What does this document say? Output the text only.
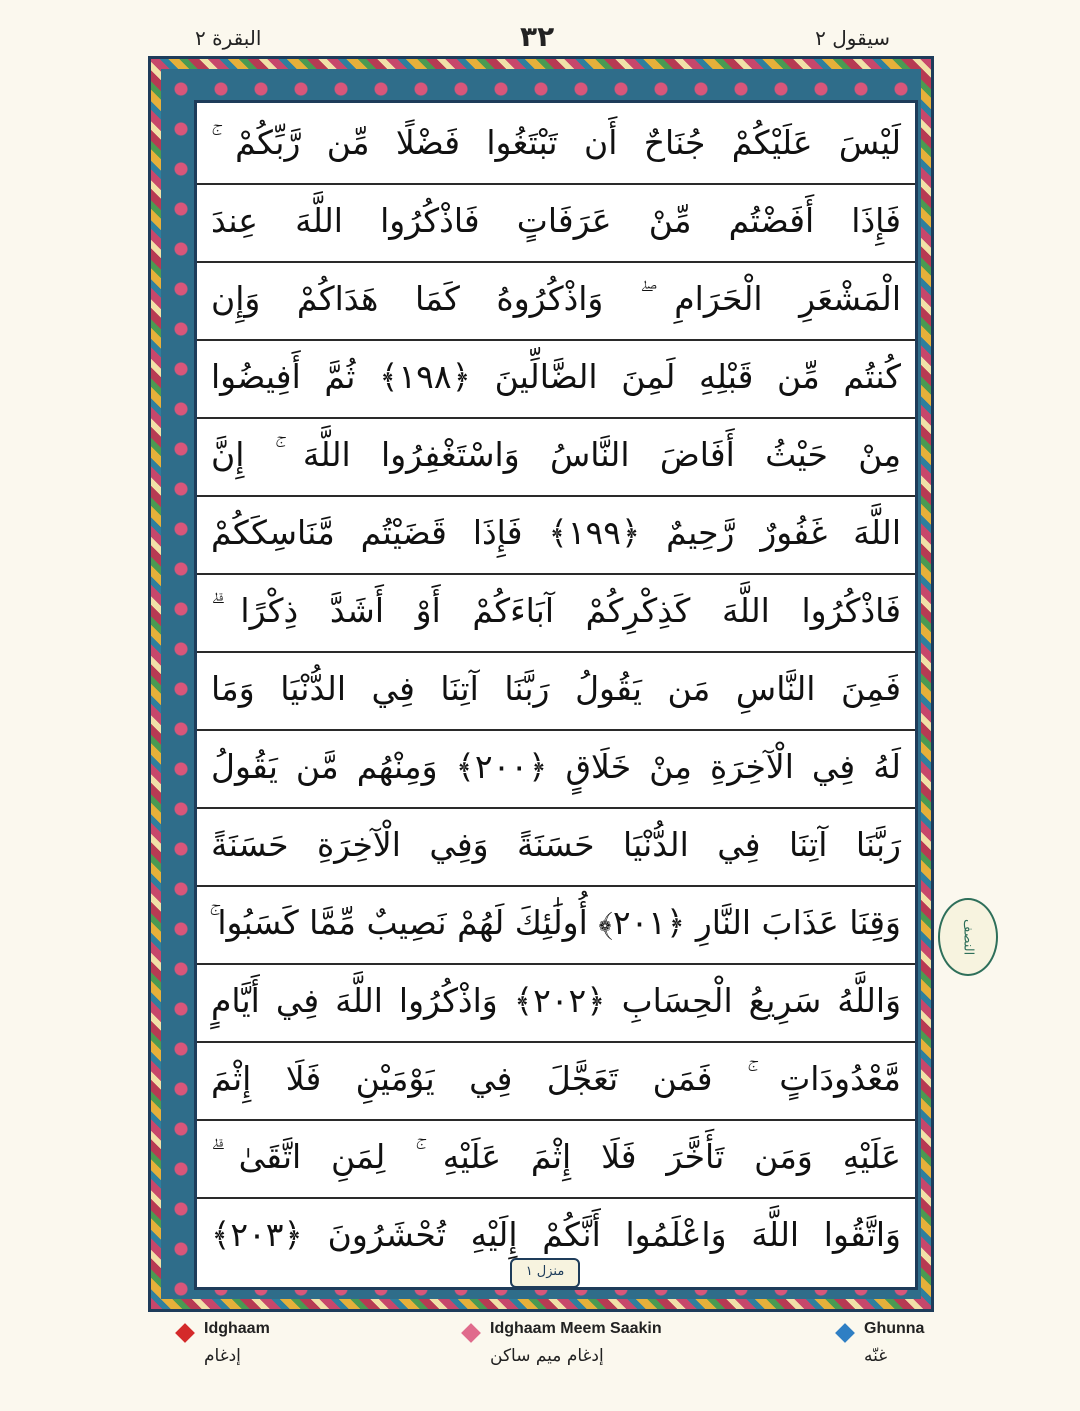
سيقول ٢
٣٢
البقرة ٢
لَيْسَ عَلَيْكُمْ جُنَاحٌ أَن تَبْتَغُوا فَضْلًا مِّن رَّبِّكُمْ ۚ
فَإِذَا أَفَضْتُم مِّنْ عَرَفَاتٍ فَاذْكُرُوا اللَّهَ عِندَ
الْمَشْعَرِ الْحَرَامِ ۖ وَاذْكُرُوهُ كَمَا هَدَاكُمْ وَإِن
كُنتُم مِّن قَبْلِهِ لَمِنَ الضَّالِّينَ ﴿١٩٨﴾ ثُمَّ أَفِيضُوا
مِنْ حَيْثُ أَفَاضَ النَّاسُ وَاسْتَغْفِرُوا اللَّهَ ۚ إِنَّ
اللَّهَ غَفُورٌ رَّحِيمٌ ﴿١٩٩﴾ فَإِذَا قَضَيْتُم مَّنَاسِكَكُمْ
فَاذْكُرُوا اللَّهَ كَذِكْرِكُمْ آبَاءَكُمْ أَوْ أَشَدَّ ذِكْرًا ۗ
فَمِنَ النَّاسِ مَن يَقُولُ رَبَّنَا آتِنَا فِي الدُّنْيَا وَمَا
لَهُ فِي الْآخِرَةِ مِنْ خَلَاقٍ ﴿٢٠٠﴾ وَمِنْهُم مَّن يَقُولُ
رَبَّنَا آتِنَا فِي الدُّنْيَا حَسَنَةً وَفِي الْآخِرَةِ حَسَنَةً
وَقِنَا عَذَابَ النَّارِ ﴿٢٠١﴾ أُولَٰئِكَ لَهُمْ نَصِيبٌ مِّمَّا كَسَبُوا ۚ
وَاللَّهُ سَرِيعُ الْحِسَابِ ﴿٢٠٢﴾ وَاذْكُرُوا اللَّهَ فِي أَيَّامٍ
مَّعْدُودَاتٍ ۚ فَمَن تَعَجَّلَ فِي يَوْمَيْنِ فَلَا إِثْمَ
عَلَيْهِ وَمَن تَأَخَّرَ فَلَا إِثْمَ عَلَيْهِ ۚ لِمَنِ اتَّقَىٰ ۗ
وَاتَّقُوا اللَّهَ وَاعْلَمُوا أَنَّكُمْ إِلَيْهِ تُحْشَرُونَ ﴿٢٠٣﴾
النصف
منزل ١
Idghaam
إدغام
Idghaam Meem Saakin
إدغام ميم ساكن
Ghunna
غنّه
